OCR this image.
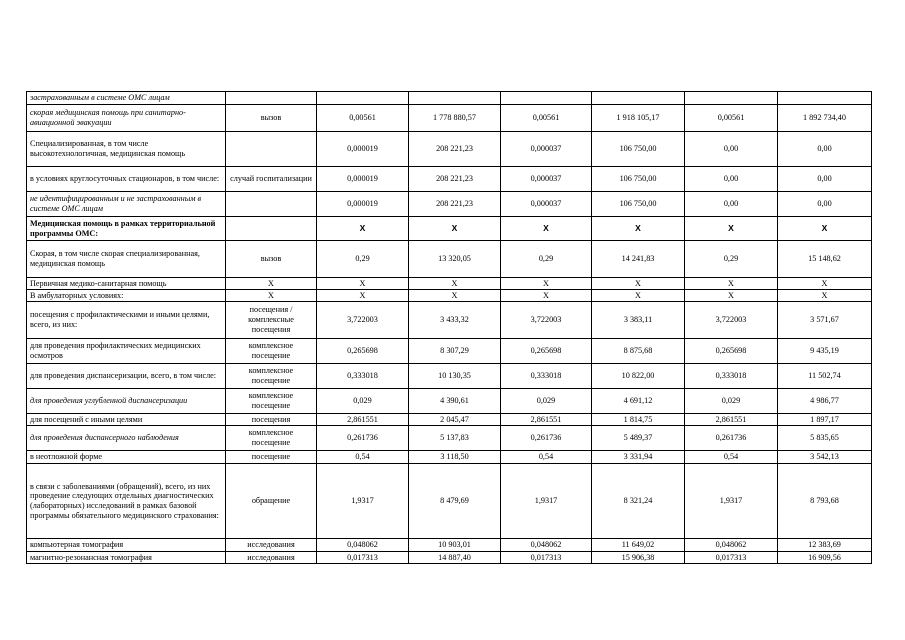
застрахованным в системе ОМС лицам							
скорая медицинская помощь при санитарно-авиационной эвакуации	вызов	0,00561	1 778 880,57	0,00561	1 918 105,17	0,00561	1 892 734,40
Специализированная, в том числе высокотехнологичная, медицинская помощь		0,000019	208 221,23	0,000037	106 750,00	0,00	0,00
в условиях круглосуточных стационаров, в том числе:	случай госпитализации	0,000019	208 221,23	0,000037	106 750,00	0,00	0,00
не идентифицированным и не застрахованным в системе ОМС лицам		0,000019	208 221,23	0,000037	106 750,00	0,00	0,00
Медицинская помощь в рамках территориальной программы ОМС:		X	X	X	X	X	X
Скорая, в том числе скорая специализированная, медицинская помощь	вызов	0,29	13 320,05	0,29	14 241,83	0,29	15 148,62
Первичная медико-санитарная помощь	X	X	X	X	X	X	X
В амбулаторных условиях:	X	X	X	X	X	X	X
посещения с профилактическими и иными целями, всего, из них:	посещения / комплексные посещения	3,722003	3 433,32	3,722003	3 383,11	3,722003	3 571,67
для проведения профилактических медицинских осмотров	комплексное посещение	0,265698	8 307,29	0,265698	8 875,68	0,265698	9 435,19
для проведения диспансеризации, всего, в том числе:	комплексное посещение	0,333018	10 130,35	0,333018	10 822,00	0,333018	11 502,74
для проведения углубленной диспансеризации	комплексное посещение	0,029	4 390,61	0,029	4 691,12	0,029	4 986,77
для посещений с иными целями	посещения	2,861551	2 045,47	2,861551	1 814,75	2,861551	1 897,17
для проведения диспансерного наблюдения	комплексное посещение	0,261736	5 137,83	0,261736	5 489,37	0,261736	5 835,65
в неотложной форме	посещение	0,54	3 118,50	0,54	3 331,94	0,54	3 542,13
в связи с заболеваниями (обращений), всего, из них проведение следующих отдельных диагностических (лабораторных) исследований в рамках базовой программы обязательного медицинского страхования:	обращение	1,9317	8 479,69	1,9317	8 321,24	1,9317	8 793,68
компьютерная томография	исследования	0,048062	10 903,01	0,048062	11 649,02	0,048062	12 383,69
магнитно-резонансная томография	исследования	0,017313	14 887,40	0,017313	15 906,38	0,017313	16 909,56
